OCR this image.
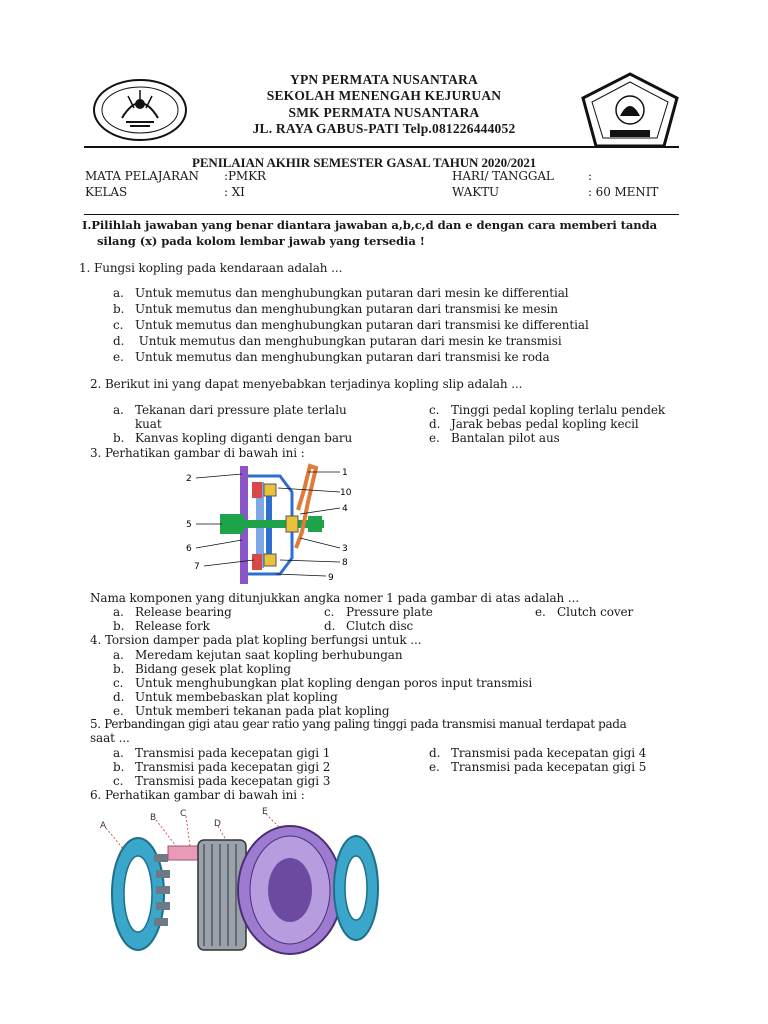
YPN PERMATA NUSANTARA
SEKOLAH MENENGAH KEJURUAN
SMK PERMATA NUSANTARA
JL. RAYA GABUS-PATI Telp.081226444052
PENILAIAN AKHIR SEMESTER GASAL TAHUN 2020/2021
MATA PELAJARAN :PMKR	HARI/ TANGGAL	:
KELAS	: XI	WAKTU	: 60 MENIT
I.Pilihlah jawaban yang benar diantara jawaban a,b,c,d dan e dengan cara memberi tanda
silang (x) pada kolom lembar jawab yang tersedia !
1. Fungsi kopling pada kendaraan adalah ...
a. Untuk memutus dan menghubungkan putaran dari mesin ke differential
b. Untuk memutus dan menghubungkan putaran dari transmisi ke mesin
c. Untuk memutus dan menghubungkan putaran dari transmisi ke differential
d. Untuk memutus dan menghubungkan putaran dari mesin ke transmisi
e. Untuk memutus dan menghubungkan putaran dari transmisi ke roda
2. Berikut ini yang dapat menyebabkan terjadinya kopling slip adalah ...
a. Tekanan dari pressure plate terlalu
kuat
b. Kanvas kopling diganti dengan baru
c. Tinggi pedal kopling terlalu pendek
d. Jarak bebas pedal kopling kecil
e. Bantalan pilot aus
3. Perhatikan gambar di bawah ini :
2
5
6
7
1
10
4
3
8
9
Nama komponen yang ditunjukkan angka nomer 1 pada gambar di atas adalah ...
a. Release bearing
b. Release fork
c. Pressure plate
d. Clutch disc
e. Clutch cover
4. Torsion damper pada plat kopling berfungsi untuk ...
a. Meredam kejutan saat kopling berhubungan
b. Bidang gesek plat kopling
c. Untuk menghubungkan plat kopling dengan poros input transmisi
d. Untuk membebaskan plat kopling
e. Untuk memberi tekanan pada plat kopling
5. Perbandingan gigi atau gear ratio yang paling tinggi pada transmisi manual terdapat pada
saat ...
a. Transmisi pada kecepatan gigi 1
b. Transmisi pada kecepatan gigi 2
c. Transmisi pada kecepatan gigi 3
d. Transmisi pada kecepatan gigi 4
e. Transmisi pada kecepatan gigi 5
6. Perhatikan gambar di bawah ini :
A
B	C
D
E
